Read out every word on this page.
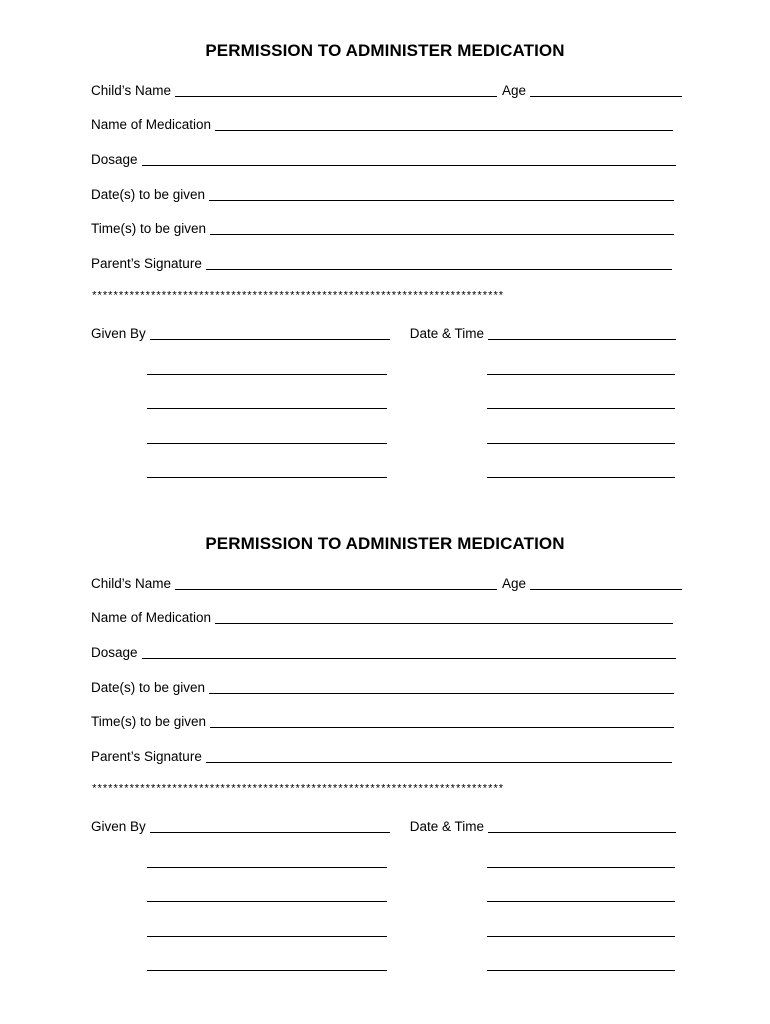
PERMISSION TO ADMINISTER MEDICATION
Child’s Name	Age
Name of Medication
Dosage
Date(s) to be given
Time(s) to be given
Parent’s Signature
*****************************************************************************
Given By	Date & Time
PERMISSION TO ADMINISTER MEDICATION
Child’s Name	Age
Name of Medication
Dosage
Date(s) to be given
Time(s) to be given
Parent’s Signature
*****************************************************************************
Given By	Date & Time
